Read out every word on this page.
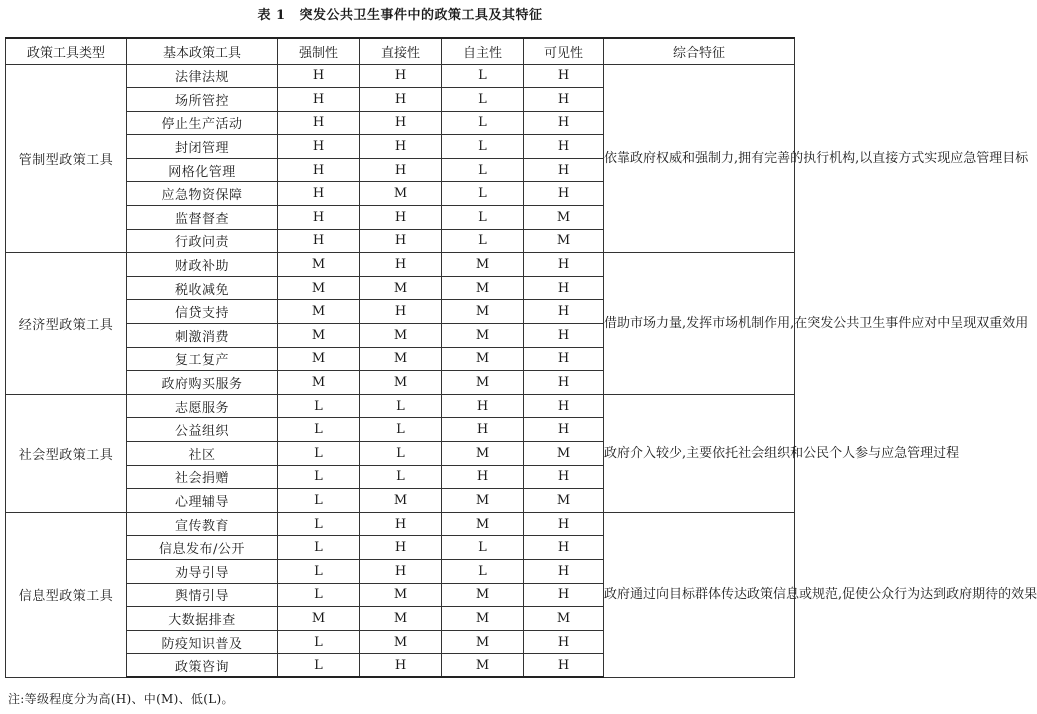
表 1 突发公共卫生事件中的政策工具及其特征
政策工具类型	基本政策工具	强制性	直接性	自主性	可见性	综合特征
管制型政策工具	法律法规	H	H	L	H	依靠政府权威和强制力,拥有完善的执行机构,以直接方式实现应急管理目标
	场所管控	H	H	L	H	
	停止生产活动	H	H	L	H	
	封闭管理	H	H	L	H	
	网格化管理	H	H	L	H	
	应急物资保障	H	M	L	H	
	监督督查	H	H	L	M	
	行政问责	H	H	L	M	
经济型政策工具	财政补助	M	H	M	H	借助市场力量,发挥市场机制作用,在突发公共卫生事件应对中呈现双重效用
	税收减免	M	M	M	H	
	信贷支持	M	H	M	H	
	刺激消费	M	M	M	H	
	复工复产	M	M	M	H	
	政府购买服务	M	M	M	H	
社会型政策工具	志愿服务	L	L	H	H	政府介入较少,主要依托社会组织和公民个人参与应急管理过程
	公益组织	L	L	H	H	
	社区	L	L	M	M	
	社会捐赠	L	L	H	H	
	心理辅导	L	M	M	M	
信息型政策工具	宣传教育	L	H	M	H	政府通过向目标群体传达政策信息或规范,促使公众行为达到政府期待的效果
	信息发布/公开	L	H	L	H	
	劝导引导	L	H	L	H	
	舆情引导	L	M	M	H	
	大数据排查	M	M	M	M	
	防疫知识普及	L	M	M	H	
	政策咨询	L	H	M	H	
注:等级程度分为高(H)、中(M)、低(L)。
